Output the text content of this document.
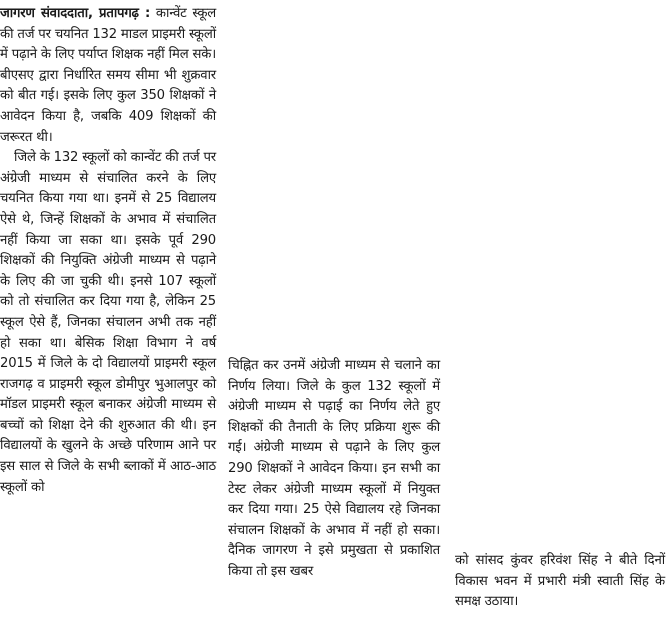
जागरण संवाददाता, प्रतापगढ़ : कान्वेंट स्कूल की तर्ज पर चयनित 132 माडल प्राइमरी स्कूलों में पढ़ाने के लिए पर्याप्त शिक्षक नहीं मिल सके। बीएसए द्वारा निर्धारित समय सीमा भी शुक्रवार को बीत गई। इसके लिए कुल 350 शिक्षकों ने आवेदन किया है, जबकि 409 शिक्षकों की जरूरत थी।

जिले के 132 स्कूलों को कान्वेंट की तर्ज पर अंग्रेजी माध्यम से संचालित करने के लिए चयनित किया गया था। इनमें से 25 विद्यालय ऐसे थे, जिन्हें शिक्षकों के अभाव में संचालित नहीं किया जा सका था। इसके पूर्व 290 शिक्षकों की नियुक्ति अंग्रेजी माध्यम से पढ़ाने के लिए की जा चुकी थी। इनसे 107 स्कूलों को तो संचालित कर दिया गया है, लेकिन 25 स्कूल ऐसे हैं, जिनका संचालन अभी तक नहीं हो सका था। बेसिक शिक्षा विभाग ने वर्ष 2015 में जिले के दो विद्यालयों प्राइमरी स्कूल राजगढ़ व प्राइमरी स्कूल डोमीपुर भुआलपुर को मॉडल प्राइमरी स्कूल बनाकर अंग्रेजी माध्यम से बच्चों को शिक्षा देने की शुरुआत की थी। इन विद्यालयों के खुलने के अच्छे परिणाम आने पर इस साल से जिले के सभी ब्लाकों में आठ-आठ स्कूलों को

चिह्नित कर उनमें अंग्रेजी माध्यम से चलाने का निर्णय लिया। जिले के कुल 132 स्कूलों में अंग्रेजी माध्यम से पढ़ाई का निर्णय लेते हुए शिक्षकों की तैनाती के लिए प्रक्रिया शुरू की गई। अंग्रेजी माध्यम से पढ़ाने के लिए कुल 290 शिक्षकों ने आवेदन किया। इन सभी का टेस्ट लेकर अंग्रेजी माध्यम स्कूलों में नियुक्त कर दिया गया। 25 ऐसे विद्यालय रहे जिनका संचालन शिक्षकों के अभाव में नहीं हो सका। दैनिक जागरण ने इसे प्रमुखता से प्रकाशित किया तो इस खबर

को सांसद कुंवर हरिवंश सिंह ने बीते दिनों विकास भवन में प्रभारी मंत्री स्वाती सिंह के समक्ष उठाया।
